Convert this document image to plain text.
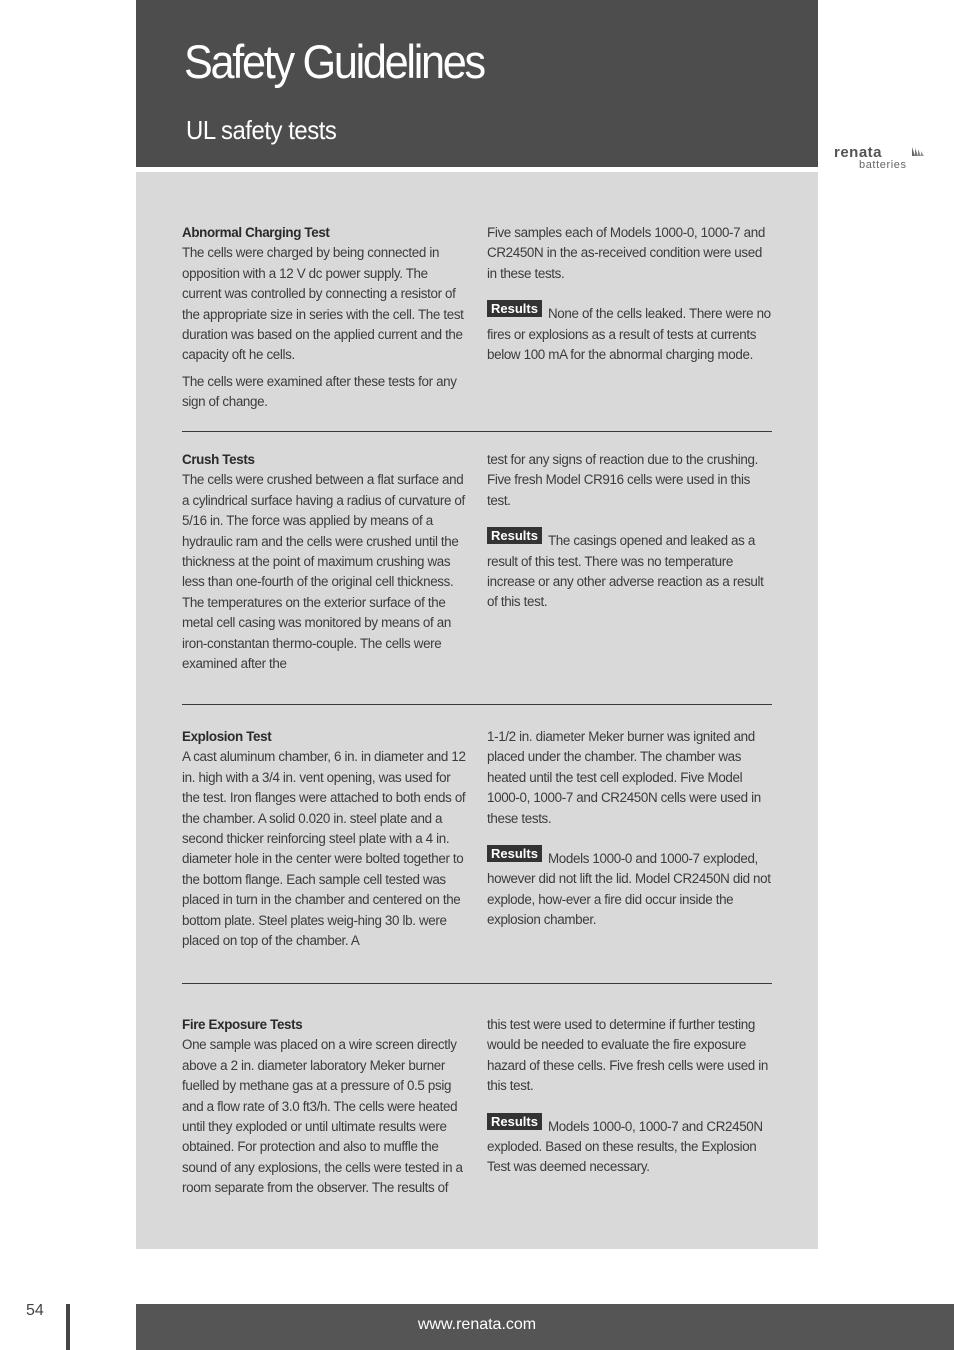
Safety Guidelines
UL safety tests
renata
batteries
Abnormal Charging Test

The cells were charged by being connected in opposition with a 12 V dc power supply. The current was controlled by connecting a resistor of the appropriate size in series with the cell. The test duration was based on the applied current and the capacity oft he cells.

The cells were examined after these tests for any sign of change.

Five samples each of Models 1000-0, 1000-7 and CR2450N in the as-received condition were used in these tests.

Results None of the cells leaked. There were no fires or explosions as a result of tests at currents below 100 mA for the abnormal charging mode.

Crush Tests

The cells were crushed between a flat surface and a cylindrical surface having a radius of curvature of 5/16 in. The force was applied by means of a hydraulic ram and the cells were crushed until the thickness at the point of maximum crushing was less than one-fourth of the original cell thickness. The temperatures on the exterior surface of the metal cell casing was monitored by means of an iron-constantan thermo-couple. The cells were examined after the

test for any signs of reaction due to the crushing. Five fresh Model CR916 cells were used in this test.

Results The casings opened and leaked as a result of this test. There was no temperature increase or any other adverse reaction as a result of this test.

Explosion Test

A cast aluminum chamber, 6 in. in diameter and 12 in. high with a 3/4 in. vent opening, was used for the test. Iron flanges were attached to both ends of the chamber. A solid 0.020 in. steel plate and a second thicker reinforcing steel plate with a 4 in. diameter hole in the center were bolted together to the bottom flange. Each sample cell tested was placed in turn in the chamber and centered on the bottom plate. Steel plates weig-hing 30 lb. were placed on top of the chamber. A

1-1/2 in. diameter Meker burner was ignited and placed under the chamber. The chamber was heated until the test cell exploded. Five Model 1000-0, 1000-7 and CR2450N cells were used in these tests.

Results Models 1000-0 and 1000-7 exploded, however did not lift the lid. Model CR2450N did not explode, how-ever a fire did occur inside the explosion chamber.

Fire Exposure Tests

One sample was placed on a wire screen directly above a 2 in. diameter laboratory Meker burner fuelled by methane gas at a pressure of 0.5 psig and a flow rate of 3.0 ft3/h. The cells were heated until they exploded or until ultimate results were obtained. For protection and also to muffle the sound of any explosions, the cells were tested in a room separate from the observer. The results of

this test were used to determine if further testing would be needed to evaluate the fire exposure hazard of these cells. Five fresh cells were used in this test.

Results Models 1000-0, 1000-7 and CR2450N exploded. Based on these results, the Explosion Test was deemed necessary.

54
www.renata.com
